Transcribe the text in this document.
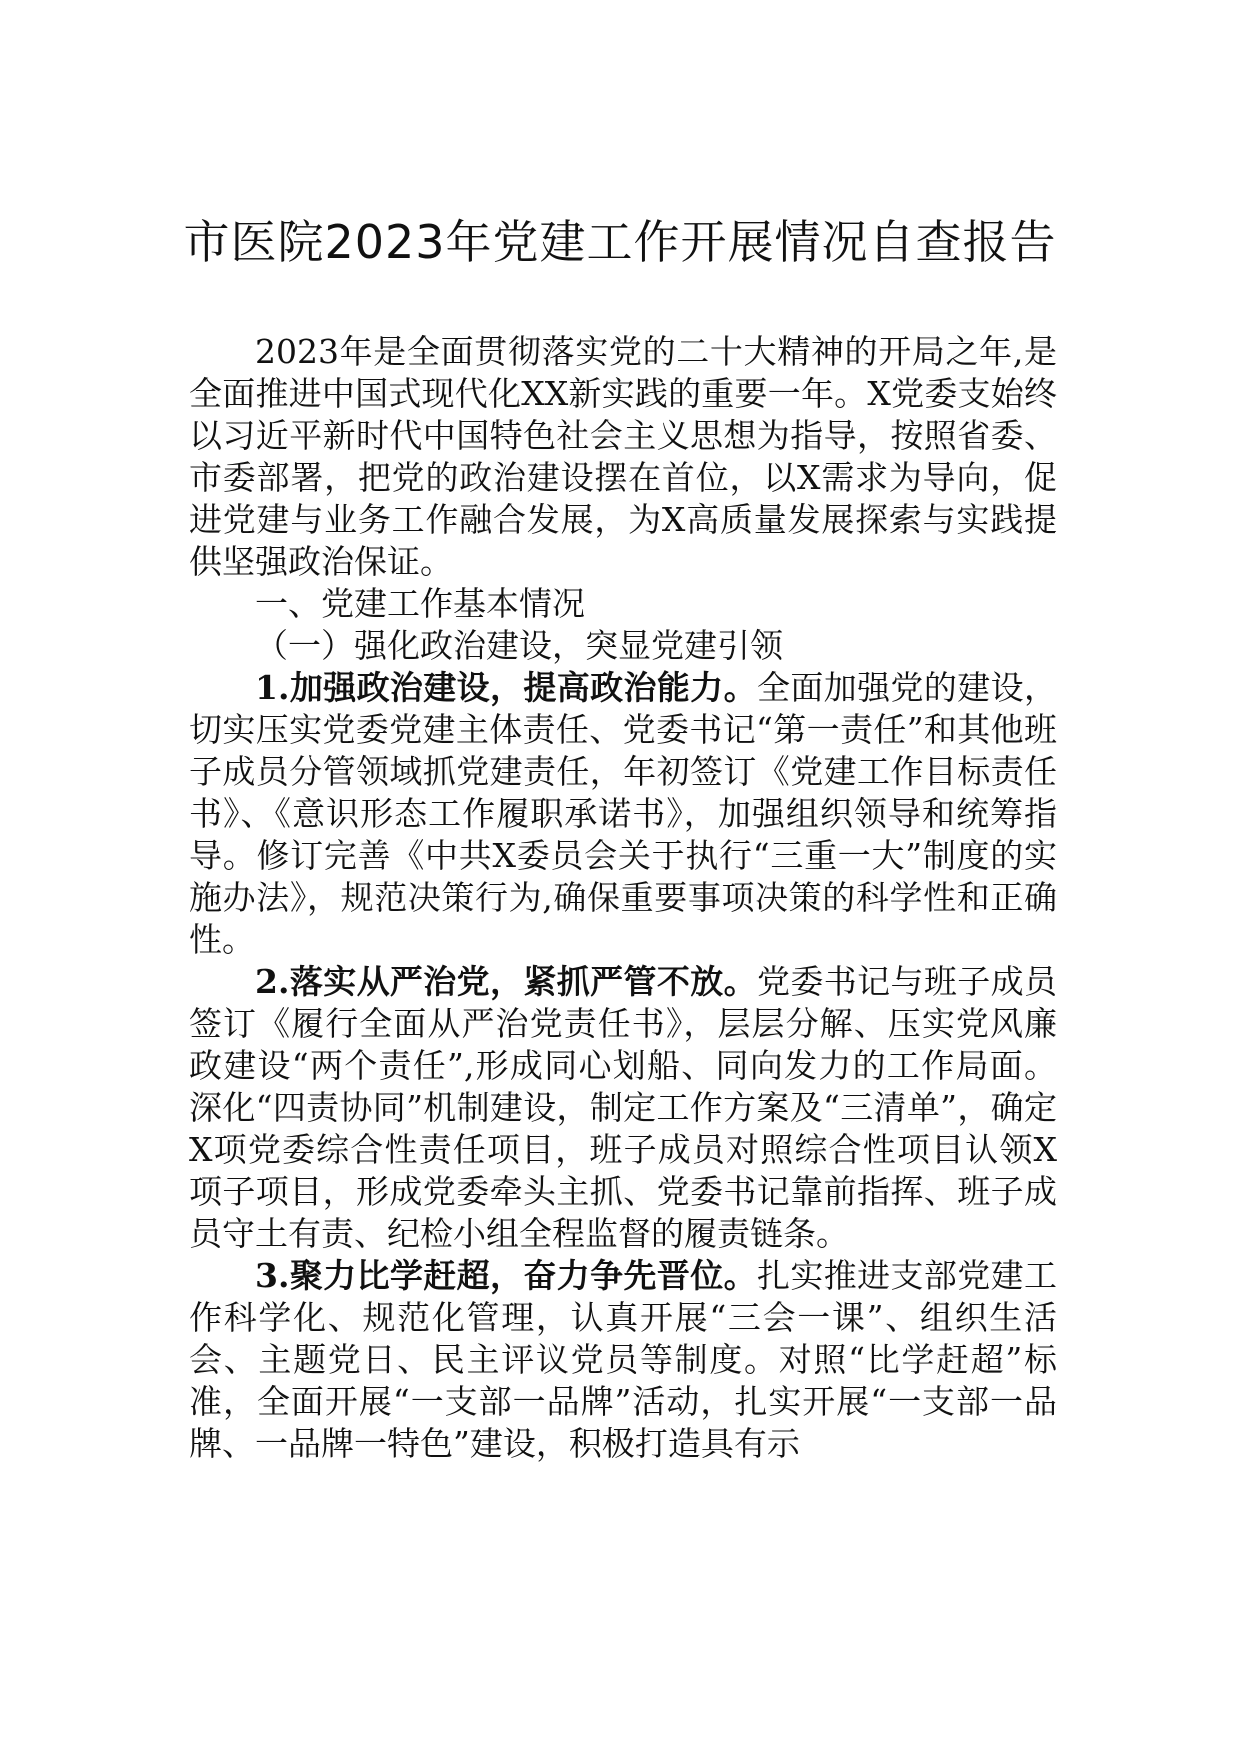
市医院2023年党建工作开展情况自查报告

2023年是全面贯彻落实党的二十大精神的开局之年,是全面推进中国式现代化XX新实践的重要一年。X党委支始终以习近平新时代中国特色社会主义思想为指导，按照省委、市委部署，把党的政治建设摆在首位，以X需求为导向，促进党建与业务工作融合发展，为X高质量发展探索与实践提供坚强政治保证。

一、党建工作基本情况

（一）强化政治建设，突显党建引领

1.加强政治建设，提高政治能力。全面加强党的建设，切实压实党委党建主体责任、党委书记“第一责任”和其他班子成员分管领域抓党建责任，年初签订《党建工作目标责任书》、《意识形态工作履职承诺书》，加强组织领导和统筹指导。修订完善《中共X委员会关于执行“三重一大”制度的实施办法》，规范决策行为,确保重要事项决策的科学性和正确性。

2.落实从严治党，紧抓严管不放。党委书记与班子成员签订《履行全面从严治党责任书》，层层分解、压实党风廉政建设“两个责任”,形成同心划船、同向发力的工作局面。深化“四责协同”机制建设，制定工作方案及“三清单”，确定X项党委综合性责任项目，班子成员对照综合性项目认领X项子项目，形成党委牵头主抓、党委书记靠前指挥、班子成员守土有责、纪检小组全程监督的履责链条。

3.聚力比学赶超，奋力争先晋位。扎实推进支部党建工作科学化、规范化管理，认真开展“三会一课”、组织生活会、主题党日、民主评议党员等制度。对照“比学赶超”标准，全面开展“一支部一品牌”活动，扎实开展“一支部一品牌、一品牌一特色”建设，积极打造具有示
